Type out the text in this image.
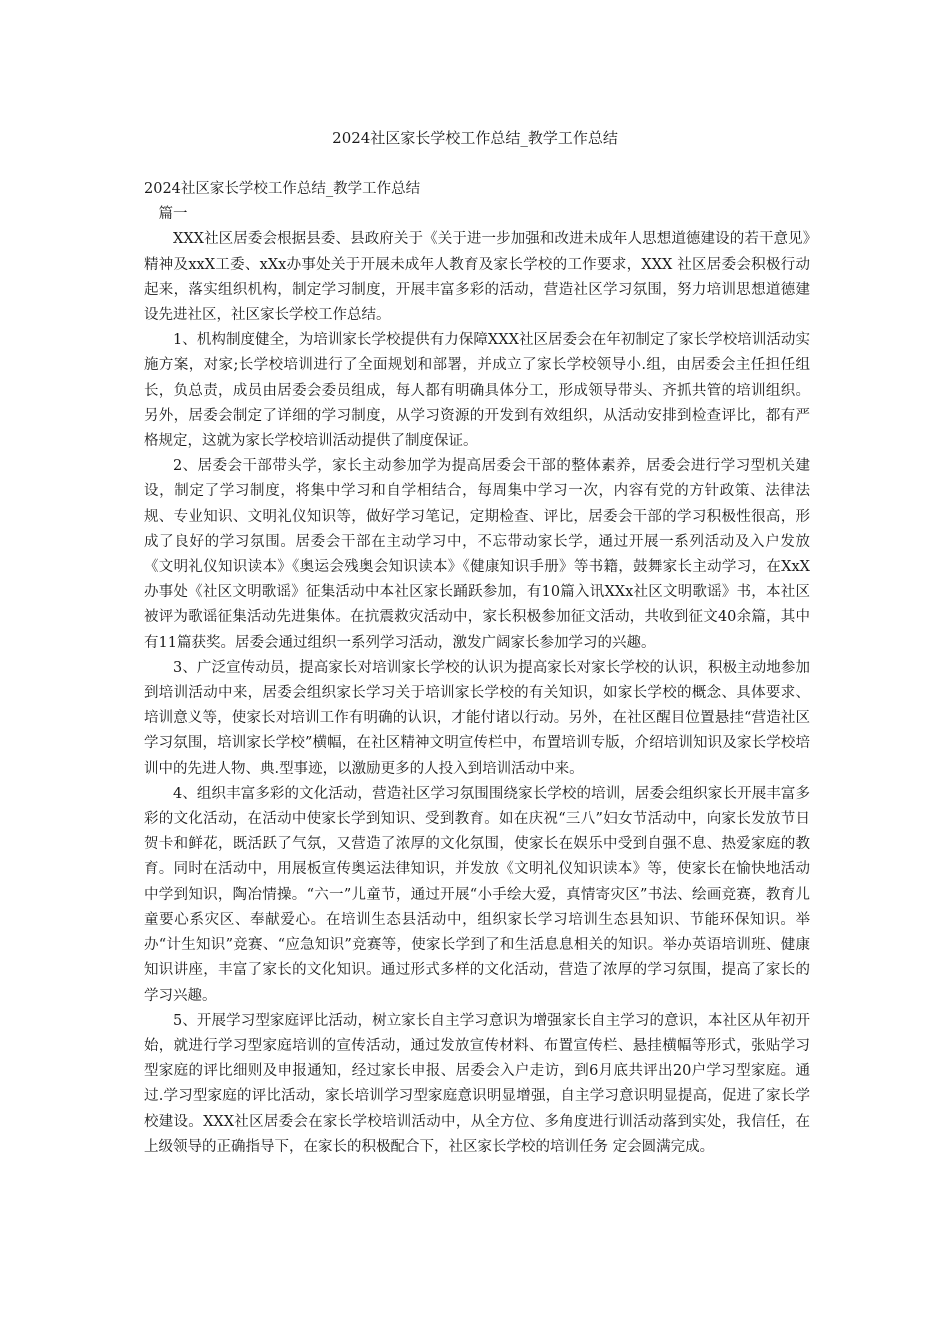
2024社区家长学校工作总结_教学工作总结

2024社区家长学校工作总结_教学工作总结

篇一

XXX社区居委会根据县委、县政府关于《关于进一步加强和改进未成年人思想道德建设的若干意见》精神及xxX工委、xXx办事处关于开展未成年人教育及家长学校的工作要求，XXX 社区居委会积极行动起来，落实组织机构，制定学习制度，开展丰富多彩的活动，营造社区学习氛围，努力培训思想道德建设先进社区，社区家长学校工作总结。

1、机构制度健全，为培训家长学校提供有力保障XXX社区居委会在年初制定了家长学校培训活动实施方案，对家;长学校培训进行了全面规划和部署，并成立了家长学校领导小.组，由居委会主任担任组长，负总责，成员由居委会委员组成，每人都有明确具体分工，形成领导带头、齐抓共管的培训组织。另外，居委会制定了详细的学习制度，从学习资源的开发到有效组织，从活动安排到检查评比，都有严格规定，这就为家长学校培训活动提供了制度保证。

2、居委会干部带头学，家长主动参加学为提高居委会干部的整体素养，居委会进行学习型机关建设，制定了学习制度，将集中学习和自学相结合，每周集中学习一次，内容有党的方针政策、法律法规、专业知识、文明礼仪知识等，做好学习笔记，定期检查、评比，居委会干部的学习积极性很高，形成了良好的学习氛围。居委会干部在主动学习中，不忘带动家长学，通过开展一系列活动及入户发放《文明礼仪知识读本》《奥运会残奥会知识读本》《健康知识手册》等书籍，鼓舞家长主动学习，在XxX办事处《社区文明歌谣》征集活动中本社区家长踊跃参加，有10篇入讯XXx社区文明歌谣》书，本社区被评为歌谣征集活动先进集体。在抗震救灾活动中，家长积极参加征文活动，共收到征文40余篇，其中有11篇获奖。居委会通过组织一系列学习活动，激发广阔家长参加学习的兴趣。

3、广泛宣传动员，提高家长对培训家长学校的认识为提高家长对家长学校的认识，积极主动地参加到培训活动中来，居委会组织家长学习关于培训家长学校的有关知识，如家长学校的概念、具体要求、培训意义等，使家长对培训工作有明确的认识，才能付诸以行动。另外，在社区醒目位置悬挂“营造社区学习氛围，培训家长学校”横幅，在社区精神文明宣传栏中，布置培训专版，介绍培训知识及家长学校培训中的先进人物、典.型事迹，以激励更多的人投入到培训活动中来。

4、组织丰富多彩的文化活动，营造社区学习氛围围绕家长学校的培训，居委会组织家长开展丰富多彩的文化活动，在活动中使家长学到知识、受到教育。如在庆祝“三八”妇女节活动中，向家长发放节日贺卡和鲜花，既活跃了气氛，又营造了浓厚的文化氛围，使家长在娱乐中受到自强不息、热爱家庭的教育。同时在活动中，用展板宣传奥运法律知识，并发放《文明礼仪知识读本》等，使家长在愉快地活动中学到知识，陶冶情操。“六一”儿童节，通过开展“小手绘大爱，真情寄灾区”书法、绘画竞赛，教育儿童要心系灾区、奉献爱心。在培训生态县活动中，组织家长学习培训生态县知识、节能环保知识。举办“计生知识”竞赛、“应急知识”竞赛等，使家长学到了和生活息息相关的知识。举办英语培训班、健康知识讲座，丰富了家长的文化知识。通过形式多样的文化活动，营造了浓厚的学习氛围，提高了家长的学习兴趣。

5、开展学习型家庭评比活动，树立家长自主学习意识为增强家长自主学习的意识，本社区从年初开始，就进行学习型家庭培训的宣传活动，通过发放宣传材料、布置宣传栏、悬挂横幅等形式，张贴学习型家庭的评比细则及申报通知，经过家长申报、居委会入户走访，到6月底共评出20户学习型家庭。通过.学习型家庭的评比活动，家长培训学习型家庭意识明显增强，自主学习意识明显提高，促进了家长学校建设。XXX社区居委会在家长学校培训活动中，从全方位、多角度进行训活动落到实处，我信任，在上级领导的正确指导下，在家长的积极配合下，社区家长学校的培训任务 定会圆满完成。
